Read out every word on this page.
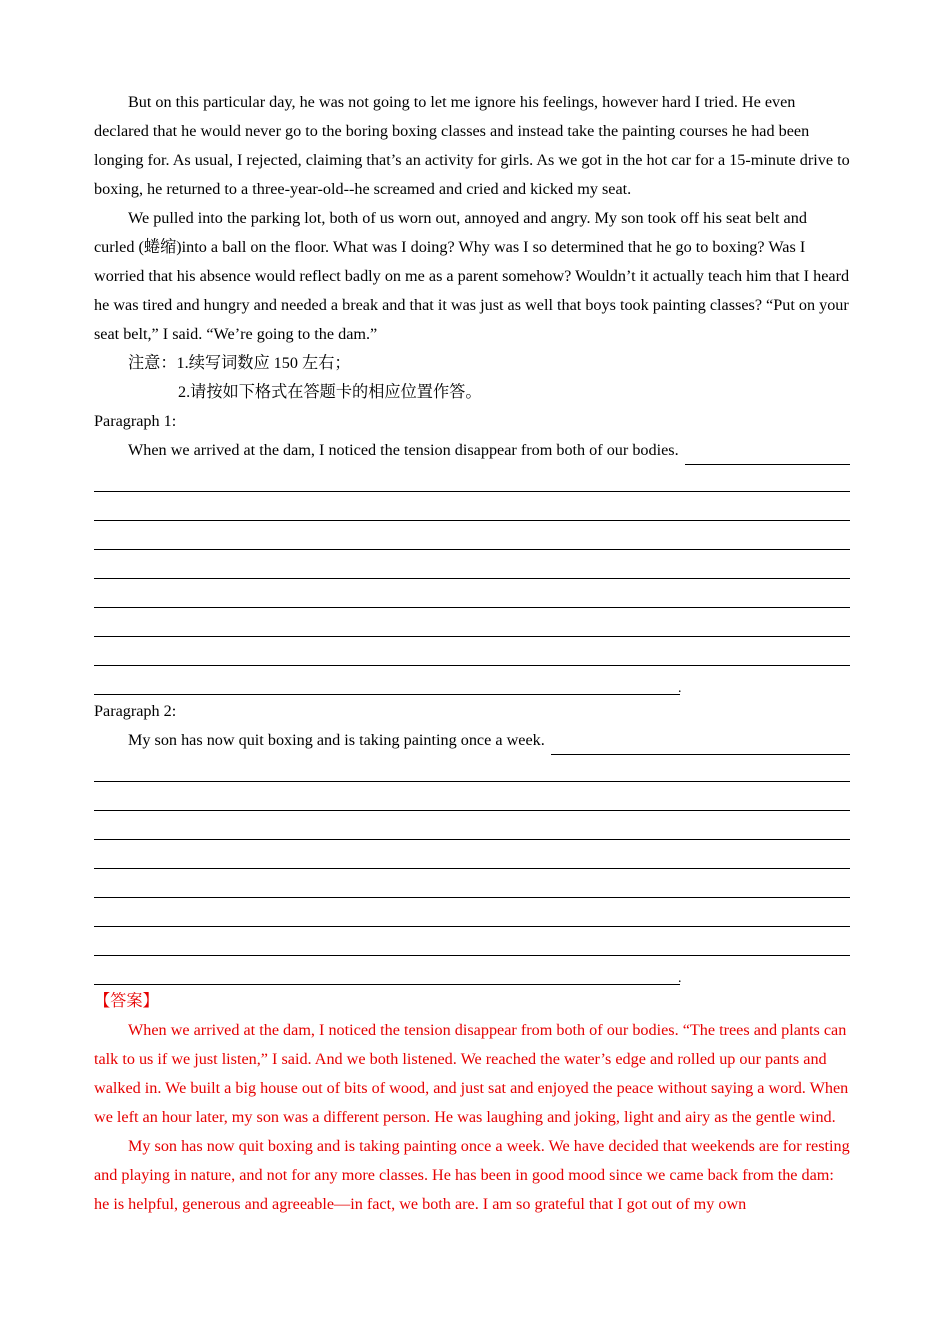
But on this particular day, he was not going to let me ignore his feelings, however hard I tried. He even declared that he would never go to the boring boxing classes and instead take the painting courses he had been longing for. As usual, I rejected, claiming that’s an activity for girls. As we got in the hot car for a 15-minute drive to boxing, he returned to a three-year-old--he screamed and cried and kicked my seat.

We pulled into the parking lot, both of us worn out, annoyed and angry. My son took off his seat belt and curled (蜷缩)into a ball on the floor. What was I doing? Why was I so determined that he go to boxing? Was I worried that his absence would reflect badly on me as a parent somehow? Wouldn’t it actually teach him that I heard he was tired and hungry and needed a break and that it was just as well that boys took painting classes? “Put on your seat belt,” I said. “We’re going to the dam.”

注意：1.续写词数应 150 左右；

2.请按如下格式在答题卡的相应位置作答。

Paragraph 1:

When we arrived at the dam, I noticed the tension disappear from both of our bodies.

.

Paragraph 2:

My son has now quit boxing and is taking painting once a week.

.

【答案】

When we arrived at the dam, I noticed the tension disappear from both of our bodies. “The trees and plants can talk to us if we just listen,” I said. And we both listened. We reached the water’s edge and rolled up our pants and walked in. We built a big house out of bits of wood, and just sat and enjoyed the peace without saying a word. When we left an hour later, my son was a different person. He was laughing and joking, light and airy as the gentle wind.

My son has now quit boxing and is taking painting once a week. We have decided that weekends are for resting and playing in nature, and not for any more classes. He has been in good mood since we came back from the dam: he is helpful, generous and agreeable—in fact, we both are. I am so grateful that I got out of my own
